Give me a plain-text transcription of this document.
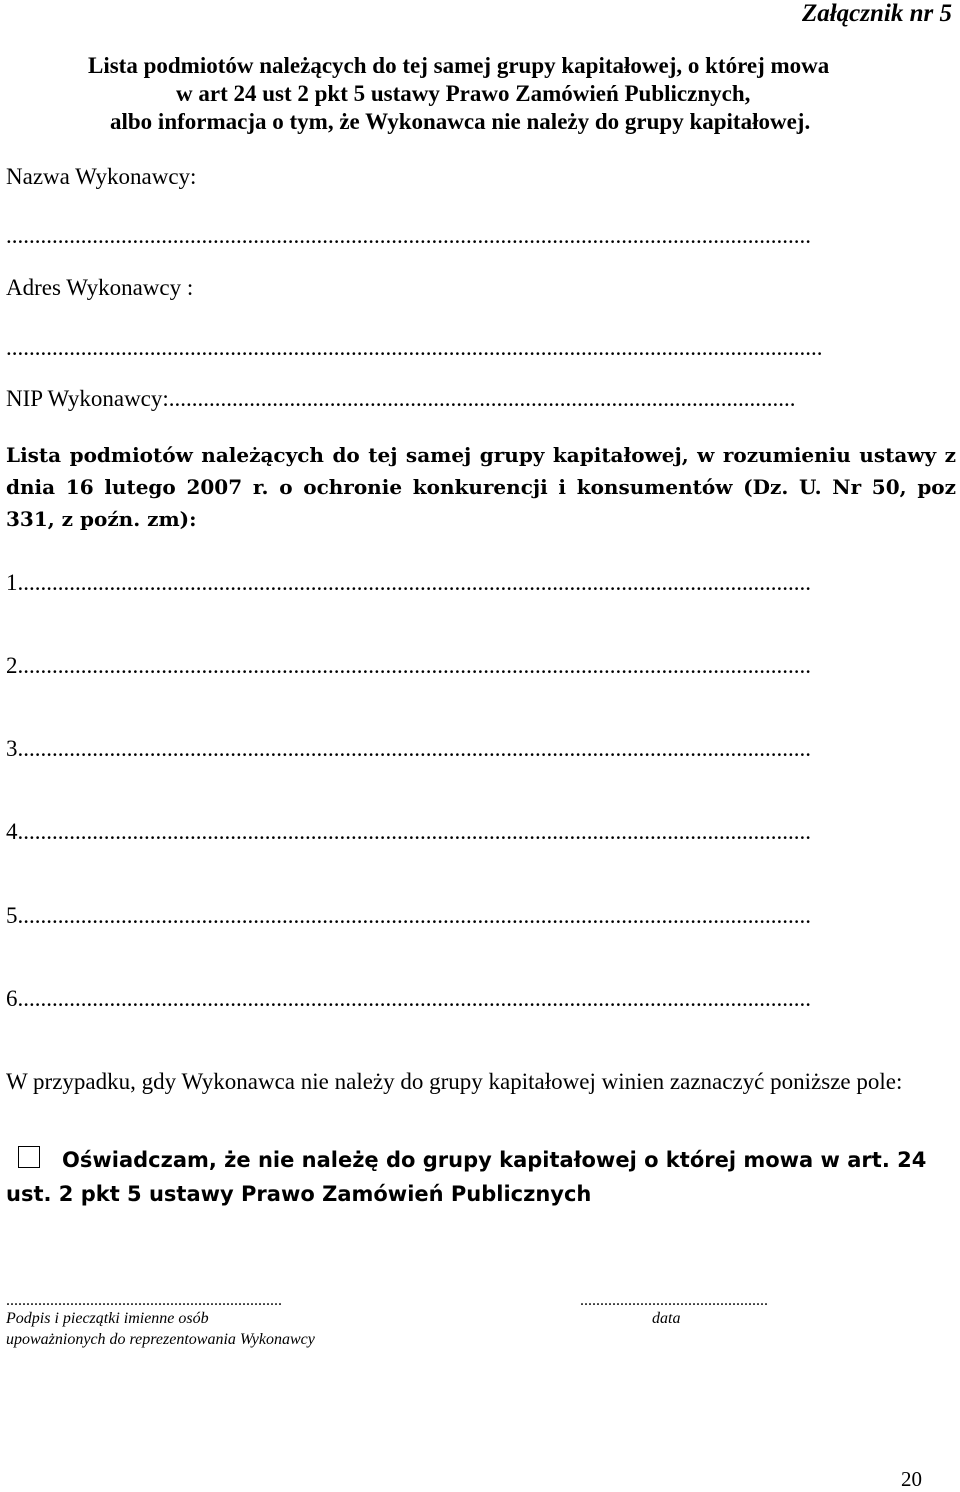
Załącznik nr 5
Lista podmiotów należących do tej samej grupy kapitałowej, o której mowa
w art 24 ust 2 pkt 5 ustawy Prawo Zamówień Publicznych,
albo informacja o tym, że Wykonawca nie należy do grupy kapitałowej.
Nazwa Wykonawcy:
............................................................................................................................................
Adres Wykonawcy :
..............................................................................................................................................
NIP Wykonawcy:.............................................................................................................
Lista podmiotów należących do tej samej grupy kapitałowej, w rozumieniu ustawy z dnia 16 lutego 2007 r. o ochronie konkurencji i konsumentów (Dz. U. Nr 50, poz 331, z poźn. zm):
1..........................................................................................................................................
2..........................................................................................................................................
3..........................................................................................................................................
4..........................................................................................................................................
5..........................................................................................................................................
6..........................................................................................................................................
W przypadku, gdy Wykonawca nie należy do grupy kapitałowej winien zaznaczyć poniższe pole:
Oświadczam, że nie należę do grupy kapitałowej o której mowa w art. 24 ust. 2 pkt 5 ustawy Prawo Zamówień Publicznych
.....................................................................
Podpis i pieczątki imienne osób
upoważnionych do reprezentowania Wykonawcy
...............................................
data
20
